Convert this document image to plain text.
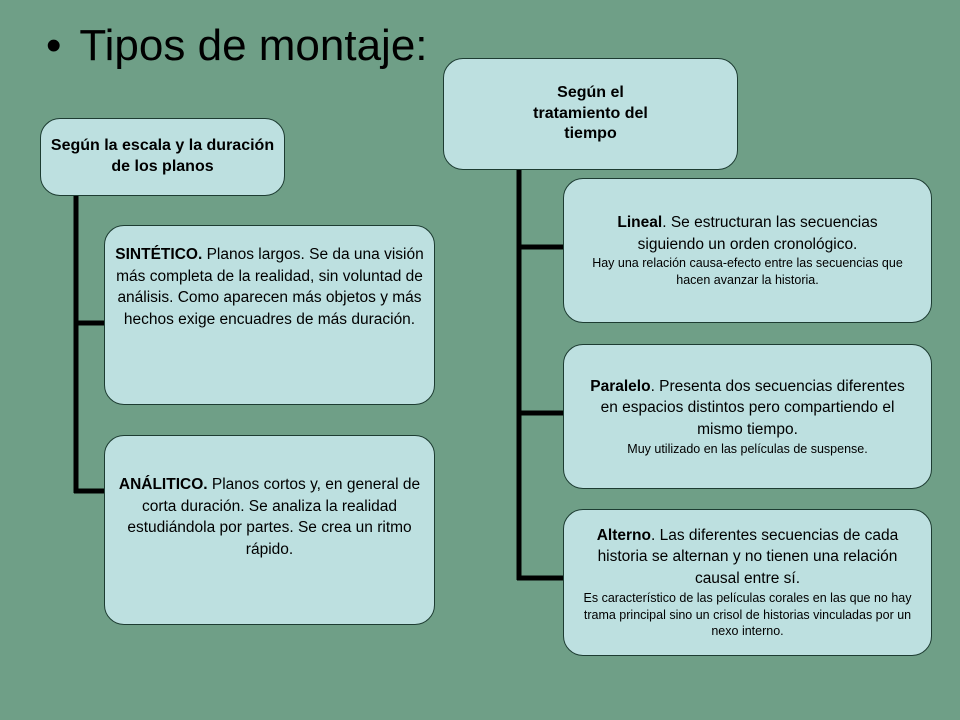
• Tipos de montaje:
Según la escala y la duración de los planos
SINTÉTICO. Planos largos. Se da una visión más completa de la realidad, sin voluntad de análisis. Como aparecen más objetos y más hechos exige encuadres de más duración.
ANÁLITICO. Planos cortos y, en general de corta duración. Se analiza la realidad estudiándola por partes. Se crea un ritmo rápido.
Según el tratamiento del tiempo
Lineal. Se estructuran las secuencias siguiendo un orden cronológico.
Hay una relación causa-efecto entre las secuencias que hacen avanzar la historia.
Paralelo. Presenta dos secuencias diferentes en espacios distintos pero compartiendo el mismo tiempo.
Muy utilizado en las películas de suspense.
Alterno. Las diferentes secuencias de cada historia se alternan y no tienen una relación causal entre sí.
Es característico de las películas corales en las que no hay trama principal sino un crisol de historias vinculadas por un nexo interno.
